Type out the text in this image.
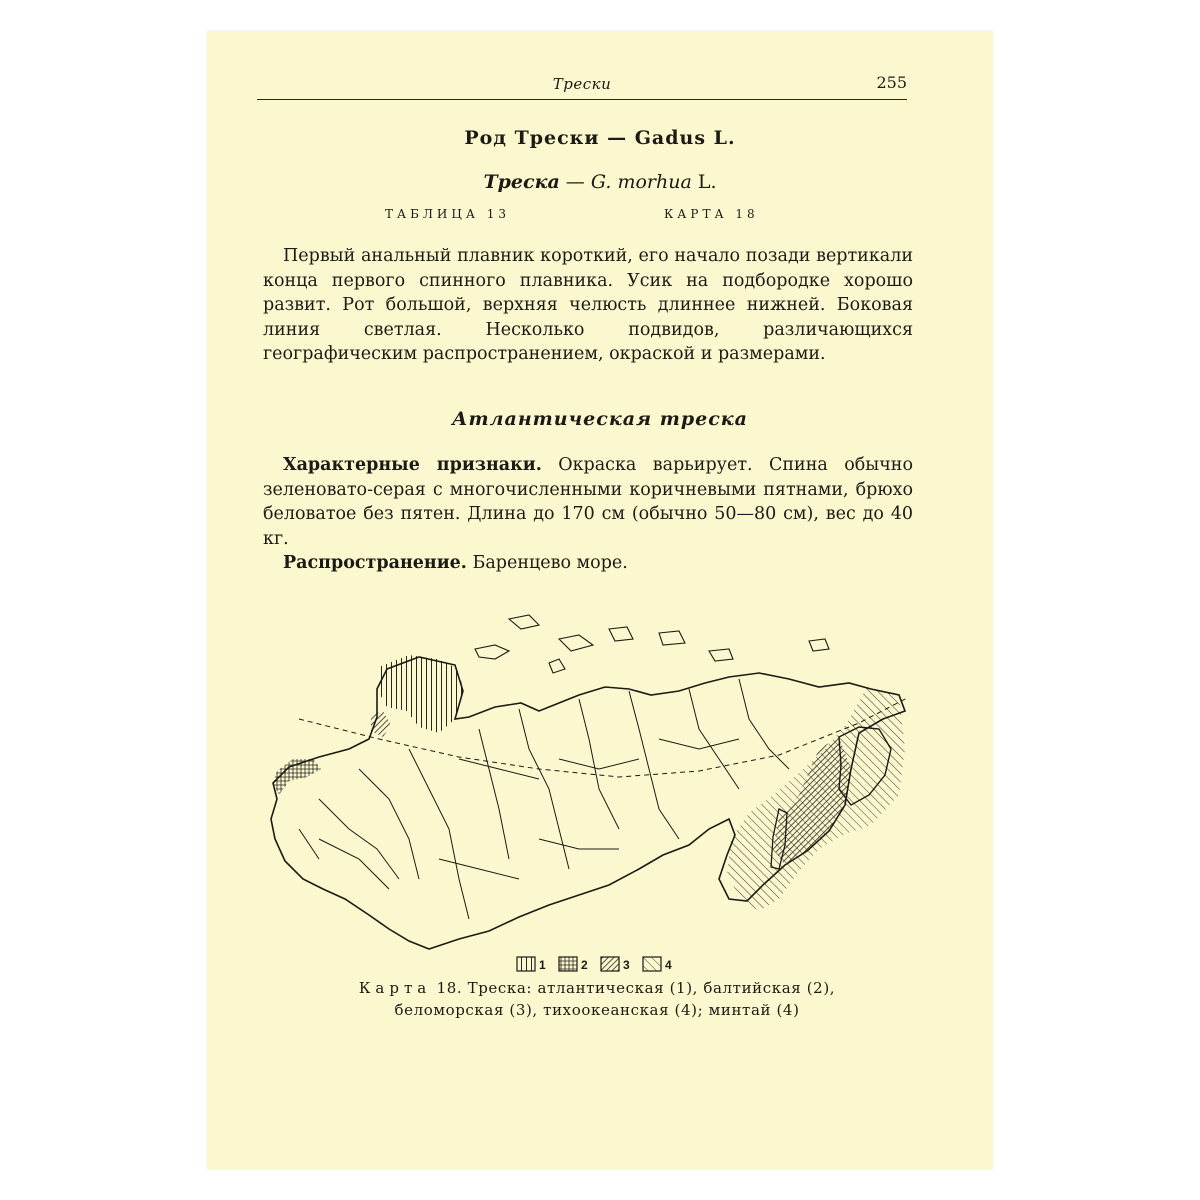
Трески	255
Род Трески — Gadus L.
Треска — G. morhua L.
ТАБЛИЦА 13	КАРТА 18

Первый анальный плавник короткий, его начало позади вертикали конца первого спинного плавника. Усик на подбородке хорошо развит. Рот большой, верхняя челюсть длиннее нижней. Боковая линия светлая. Несколько подвидов, различающихся географическим распространением, окраской и размерами.

Атлантическая треска

Характерные признаки. Окраска варьирует. Спина обычно зеленовато-серая с многочисленными коричневыми пятнами, брюхо беловатое без пятен. Длина до 170 см (обычно 50—80 см), вес до 40 кг.

Распространение. Баренцево море.

1	2	3	4
Карта 18. Треска: атлантическая (1), балтийская (2),
беломорская (3), тихоокеанская (4); минтай (4)
